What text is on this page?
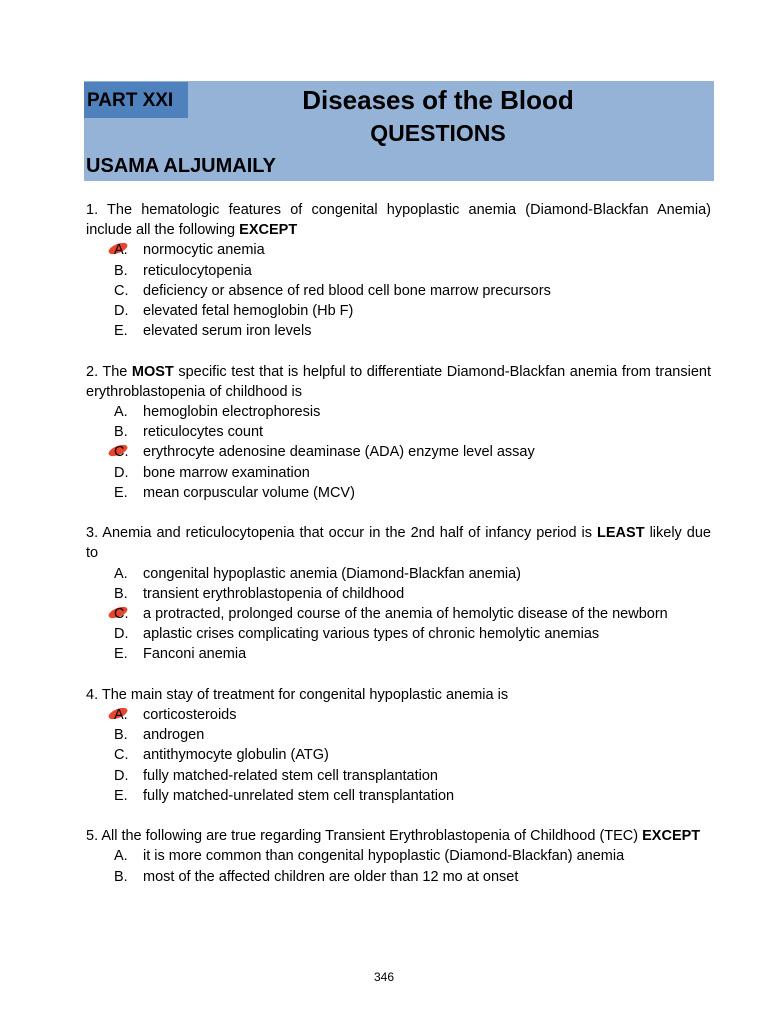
PART XXI	Diseases of the Blood
QUESTIONS
USAMA ALJUMAILY
1. The hematologic features of congenital hypoplastic anemia (Diamond-Blackfan Anemia) include all the following EXCEPT
A. normocytic anemia
B. reticulocytopenia
C. deficiency or absence of red blood cell bone marrow precursors
D. elevated fetal hemoglobin (Hb F)
E. elevated serum iron levels
2. The MOST specific test that is helpful to differentiate Diamond-Blackfan anemia from transient erythroblastopenia of childhood is
A. hemoglobin electrophoresis
B. reticulocytes count
C. erythrocyte adenosine deaminase (ADA) enzyme level assay
D. bone marrow examination
E. mean corpuscular volume (MCV)
3. Anemia and reticulocytopenia that occur in the 2nd half of infancy period is LEAST likely due to
A. congenital hypoplastic anemia (Diamond-Blackfan anemia)
B. transient erythroblastopenia of childhood
C. a protracted, prolonged course of the anemia of hemolytic disease of the newborn
D. aplastic crises complicating various types of chronic hemolytic anemias
E. Fanconi anemia
4. The main stay of treatment for congenital hypoplastic anemia is
A. corticosteroids
B. androgen
C. antithymocyte globulin (ATG)
D. fully matched-related stem cell transplantation
E. fully matched-unrelated stem cell transplantation
5. All the following are true regarding Transient Erythroblastopenia of Childhood (TEC) EXCEPT
A. it is more common than congenital hypoplastic (Diamond-Blackfan) anemia
B. most of the affected children are older than 12 mo at onset
346
